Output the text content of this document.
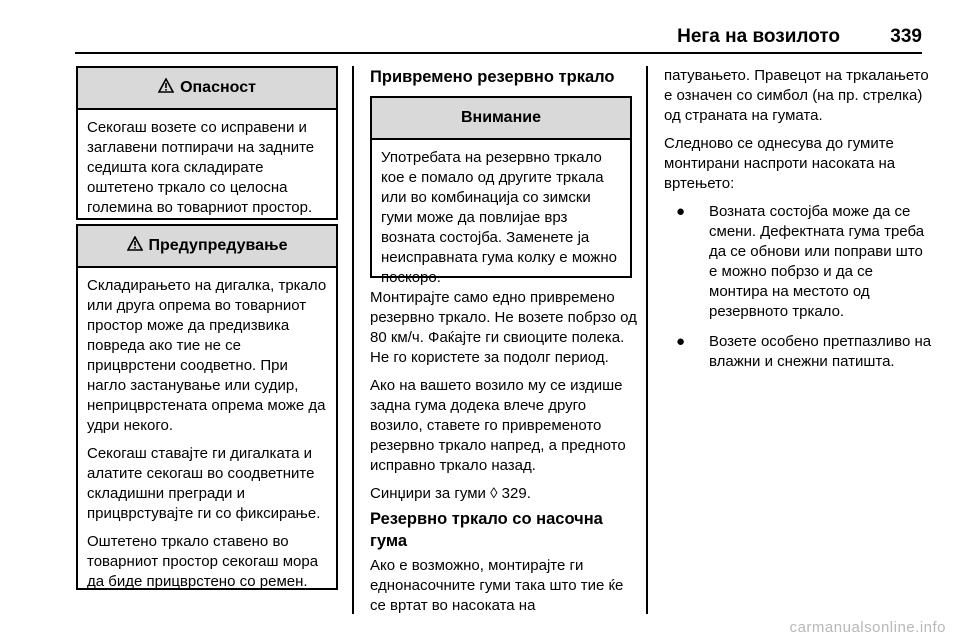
Нега на возилото	339
Опасност

Секогаш возете со исправени и заглавени потпирачи на задните седишта кога складирате оштетено тркало со целосна големина во товарниот простор.

Предупредување

Складирањето на дигалка, тркало или друга опрема во товарниот простор може да предизвика повреда ако тие не се прицврстени соодветно. При нагло застанување или судир, неприцврстената опрема може да удри некого.

Секогаш ставајте ги дигалката и алатите секогаш во соодветните складишни прегради и прицврстувајте ги со фиксирање.

Оштетено тркало ставено во товарниот простор секогаш мора да биде прицврстено со ремен.

Привремено резервно тркало
Внимание

Употребата на резервно тркало кое е помало од другите тркала или во комбинација со зимски гуми може да повлијае врз возната состојба. Заменете ја неисправната гума колку е можно поскоро.

Монтирајте само едно привремено резервно тркало. Не возете побрзо од 80 км/ч. Фаќајте ги свиоците полека. Не го користете за подолг период.

Ако на вашето возило му се издише задна гума додека влече друго возило, ставете го привременото резервно тркало напред, а предното исправно тркало назад.

Синџири за гуми ◊ 329.

Резервно тркало со насочна гума

Ако е возможно, монтирајте ги еднонасочните гуми така што тие ќе се вртат во насоката на

патувањето. Правецот на тркалањето е означен со симбол (на пр. стрелка) од страната на гумата.

Следново се однесува до гумите монтирани наспроти насоката на вртењето:

● Возната состојба може да се смени. Дефектната гума треба да се обнови или поправи што е можно побрзо и да се монтира на местото од резервното тркало.
● Возете особено претпазливо на влажни и снежни патишта.
carmanualsonline.info
